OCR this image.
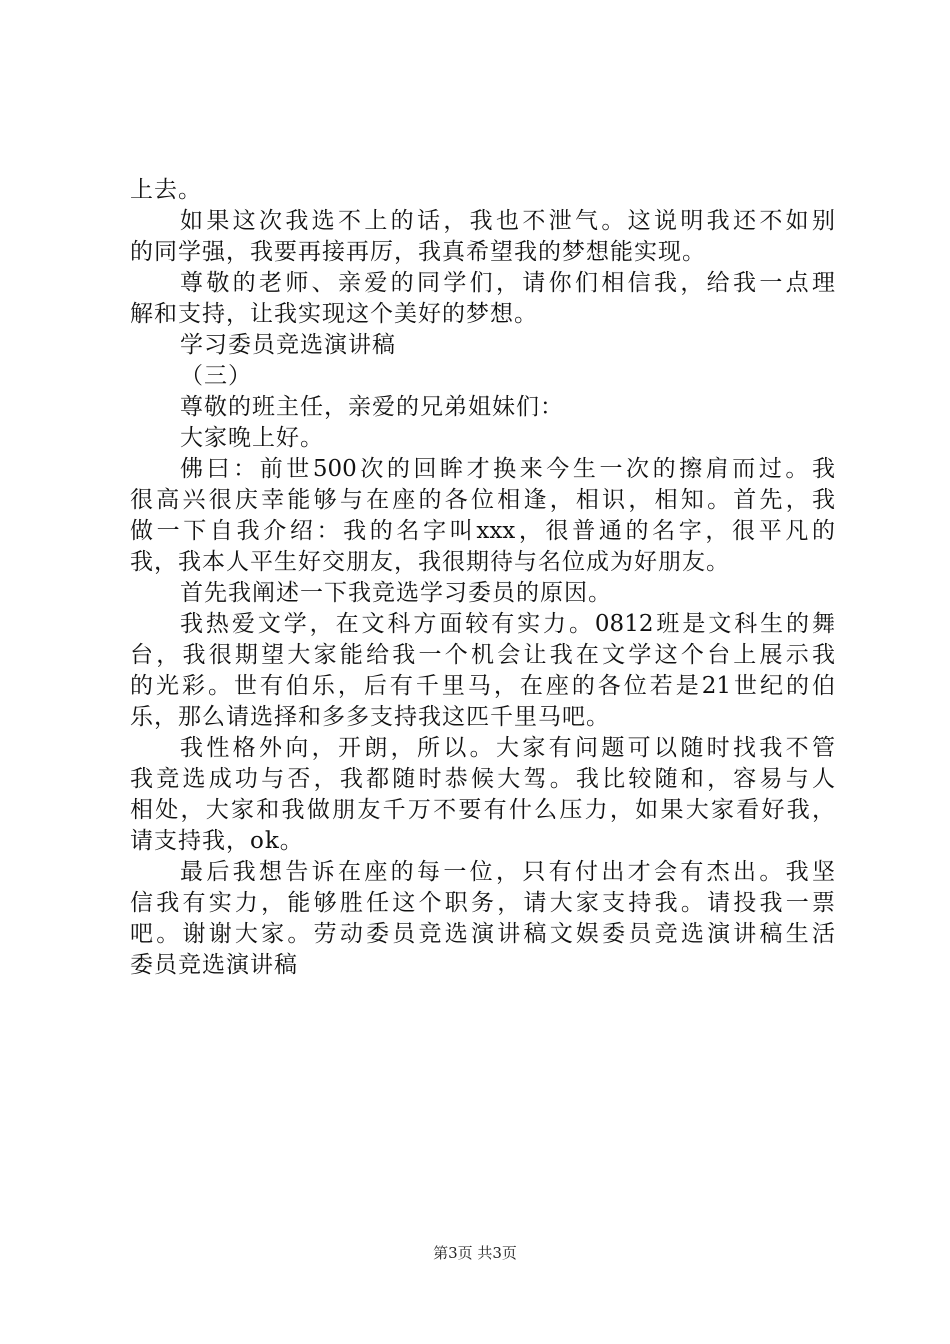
上去。
如果这次我选不上的话，我也不泄气。这说明我还不如别
的同学强，我要再接再厉，我真希望我的梦想能实现。
尊敬的老师、亲爱的同学们，请你们相信我，给我一点理
解和支持，让我实现这个美好的梦想。
学习委员竞选演讲稿
（三）
尊敬的班主任，亲爱的兄弟姐妹们：
大家晚上好。
佛曰：前世500次的回眸才换来今生一次的擦肩而过。我
很高兴很庆幸能够与在座的各位相逢，相识，相知。首先，我
做一下自我介绍：我的名字叫xxx，很普通的名字，很平凡的
我，我本人平生好交朋友，我很期待与名位成为好朋友。
首先我阐述一下我竞选学习委员的原因。
我热爱文学，在文科方面较有实力。0812班是文科生的舞
台，我很期望大家能给我一个机会让我在文学这个台上展示我
的光彩。世有伯乐，后有千里马，在座的各位若是21世纪的伯
乐，那么请选择和多多支持我这匹千里马吧。
我性格外向，开朗，所以。大家有问题可以随时找我不管
我竞选成功与否，我都随时恭候大驾。我比较随和，容易与人
相处，大家和我做朋友千万不要有什么压力，如果大家看好我，
请支持我，ok。
最后我想告诉在座的每一位，只有付出才会有杰出。我坚
信我有实力，能够胜任这个职务，请大家支持我。请投我一票
吧。谢谢大家。劳动委员竞选演讲稿文娱委员竞选演讲稿生活
委员竞选演讲稿
第3页 共3页
